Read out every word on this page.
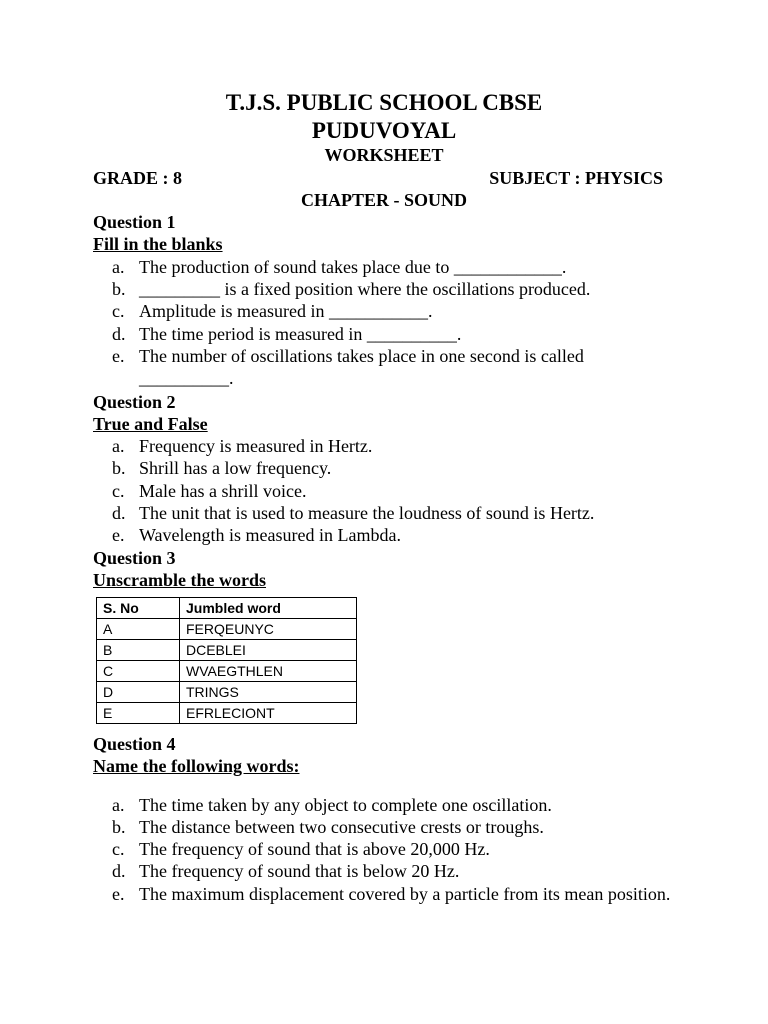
T.J.S. PUBLIC SCHOOL CBSE
PUDUVOYAL
WORKSHEET
GRADE : 8	SUBJECT : PHYSICS
CHAPTER - SOUND
Question 1
Fill in the blanks
a. The production of sound takes place due to ____________.
b. _________ is a fixed position where the oscillations produced.
c. Amplitude is measured in ___________.
d. The time period is measured in __________.
e. The number of oscillations takes place in one second is called __________.
Question 2
True and False
a. Frequency is measured in Hertz.
b. Shrill has a low frequency.
c. Male has a shrill voice.
d. The unit that is used to measure the loudness of sound is Hertz.
e. Wavelength is measured in Lambda.
Question 3
Unscramble the words
S. No	Jumbled word
A	FERQEUNYC
B	DCEBLEI
C	WVAEGTHLEN
D	TRINGS
E	EFRLECIONT
Question 4
Name the following words:
a. The time taken by any object to complete one oscillation.
b. The distance between two consecutive crests or troughs.
c. The frequency of sound that is above 20,000 Hz.
d. The frequency of sound that is below 20 Hz.
e. The maximum displacement covered by a particle from its mean position.
